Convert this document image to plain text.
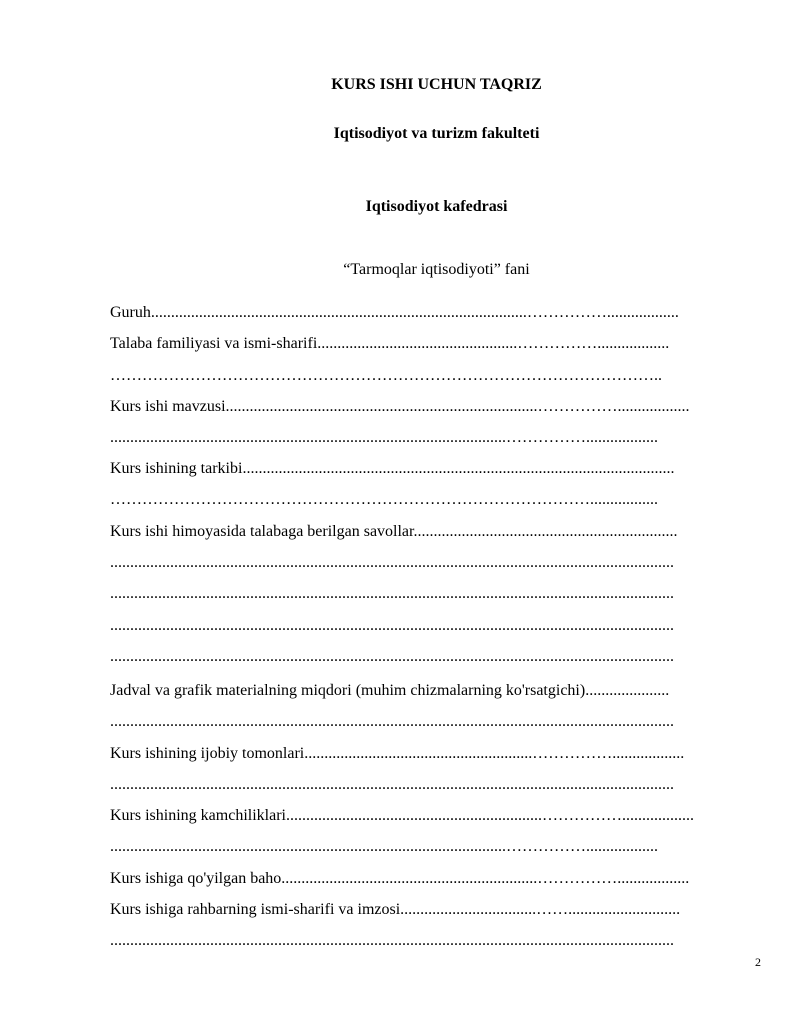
KURS ISHI UCHUN TAQRIZ
Iqtisodiyot va turizm fakulteti
Iqtisodiyot kafedrasi
“Tarmoqlar iqtisodiyoti” fani
Guruh..............................................................................................……………..................
Talaba familiyasi va ismi-sharifi..................................................……………..................
…………………………………………………………………………………………..
Kurs ishi mavzusi..............................................................................……………..................
...................................................................................................……………..................
Kurs ishining tarkibi............................................................................................................
……………………………………………………………………………….................
Kurs ishi himoyasida talabaga berilgan savollar..................................................................
.............................................................................................................................................
.............................................................................................................................................
.............................................................................................................................................
.............................................................................................................................................
Jadval va grafik materialning miqdori (muhim chizmalarning ko'rsatgichi).....................
.............................................................................................................................................
Kurs ishining ijobiy tomonlari.........................................................……………..................
.............................................................................................................................................
Kurs ishining kamchiliklari................................................................……………..................
...................................................................................................……………..................
Kurs ishiga qo'yilgan baho................................................................……………..................
Kurs ishiga rahbarning ismi-sharifi va imzosi..................................……............................
.............................................................................................................................................
2
